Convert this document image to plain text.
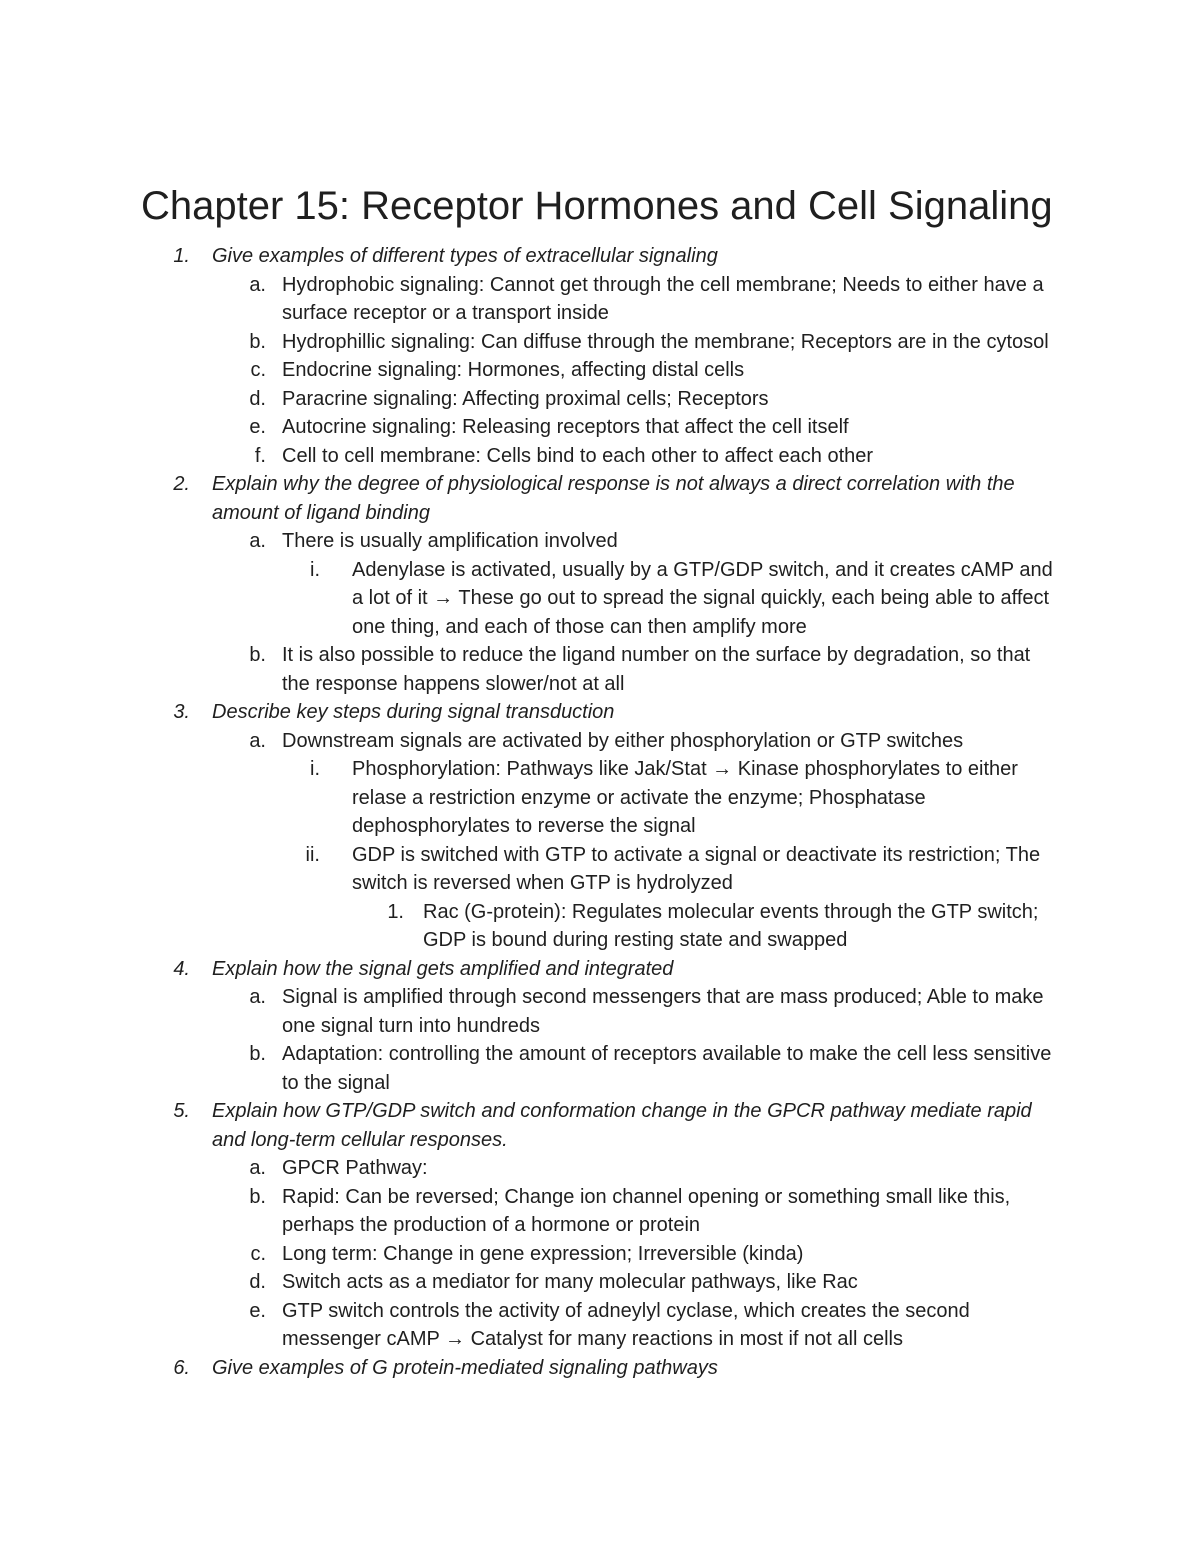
Chapter 15: Receptor Hormones and Cell Signaling
1. Give examples of different types of extracellular signaling
a. Hydrophobic signaling: Cannot get through the cell membrane; Needs to either have a surface receptor or a transport inside
b. Hydrophillic signaling: Can diffuse through the membrane; Receptors are in the cytosol
c. Endocrine signaling: Hormones, affecting distal cells
d. Paracrine signaling: Affecting proximal cells; Receptors
e. Autocrine signaling: Releasing receptors that affect the cell itself
f. Cell to cell membrane: Cells bind to each other to affect each other
2. Explain why the degree of physiological response is not always a direct correlation with the amount of ligand binding
a. There is usually amplification involved
i. Adenylase is activated, usually by a GTP/GDP switch, and it creates cAMP and a lot of it → These go out to spread the signal quickly, each being able to affect one thing, and each of those can then amplify more
b. It is also possible to reduce the ligand number on the surface by degradation, so that the response happens slower/not at all
3. Describe key steps during signal transduction
a. Downstream signals are activated by either phosphorylation or GTP switches
i. Phosphorylation: Pathways like Jak/Stat → Kinase phosphorylates to either relase a restriction enzyme or activate the enzyme; Phosphatase dephosphorylates to reverse the signal
ii. GDP is switched with GTP to activate a signal or deactivate its restriction; The switch is reversed when GTP is hydrolyzed
1. Rac (G-protein): Regulates molecular events through the GTP switch; GDP is bound during resting state and swapped
4. Explain how the signal gets amplified and integrated
a. Signal is amplified through second messengers that are mass produced; Able to make one signal turn into hundreds
b. Adaptation: controlling the amount of receptors available to make the cell less sensitive to the signal
5. Explain how GTP/GDP switch and conformation change in the GPCR pathway mediate rapid and long-term cellular responses.
a. GPCR Pathway:
b. Rapid: Can be reversed; Change ion channel opening or something small like this, perhaps the production of a hormone or protein
c. Long term: Change in gene expression; Irreversible (kinda)
d. Switch acts as a mediator for many molecular pathways, like Rac
e. GTP switch controls the activity of adneylyl cyclase, which creates the second messenger cAMP → Catalyst for many reactions in most if not all cells
6. Give examples of G protein-mediated signaling pathways
